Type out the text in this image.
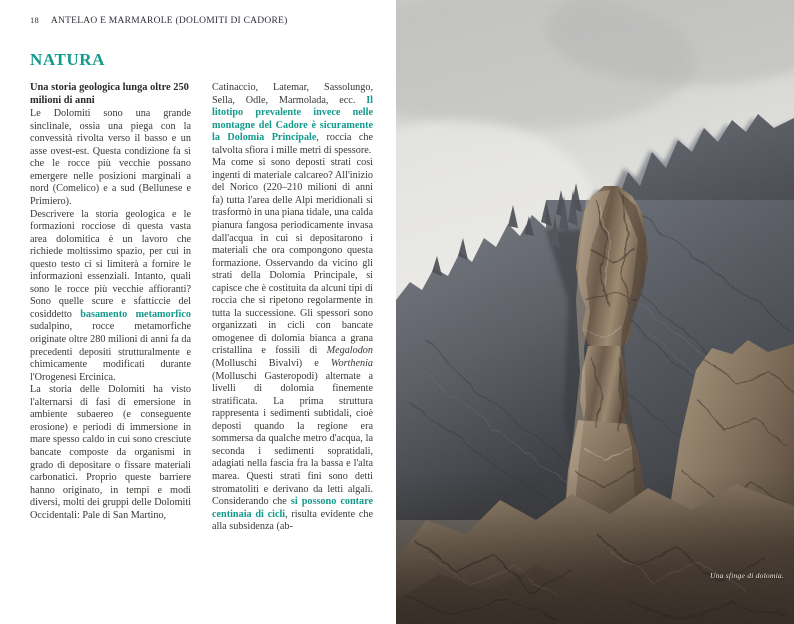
18 ANTELAO E MARMAROLE (DOLOMITI DI CADORE)
NATURA
Una storia geologica lunga oltre 250 milioni di anni
Le Dolomiti sono una grande sinclinale, ossia una piega con la convessità rivolta verso il basso e un asse ovest-est. Questa condizione fa sì che le rocce più vecchie possano emergere nelle posizioni marginali a nord (Comelico) e a sud (Bellunese e Primiero).
Descrivere la storia geologica e le formazioni rocciose di questa vasta area dolomitica è un lavoro che richiede moltissimo spazio, per cui in questo testo ci si limiterà a fornire le informazioni essenziali. Intanto, quali sono le rocce più vecchie affioranti? Sono quelle scure e sfatticcie del cosiddetto basamento metamorfico sudalpino, rocce metamorfiche originate oltre 280 milioni di anni fa da precedenti depositi strutturalmente e chimicamente modificati durante l'Orogenesi Ercinica.
La storia delle Dolomiti ha visto l'alternarsi di fasi di emersione in ambiente subaereo (e conseguente erosione) e periodi di immersione in mare spesso caldo in cui sono cresciute bancate composte da organismi in grado di depositare o fissare materiali carbonatici. Proprio queste barriere hanno originato, in tempi e modi diversi, molti dei gruppi delle Dolomiti Occidentali: Pale di San Martino,
Catinaccio, Latemar, Sassolungo, Sella, Odle, Marmolada, ecc. Il litotipo prevalente invece nelle montagne del Cadore è sicuramente la Dolomia Principale, roccia che talvolta sfiora i mille metri di spessore.
Ma come si sono deposti strati così ingenti di materiale calcareo? All'inizio del Norico (220–210 milioni di anni fa) tutta l'area delle Alpi meridionali si trasformò in una piana tidale, una calda pianura fangosa periodicamente invasa dall'acqua in cui si depositarono i materiali che ora compongono questa formazione. Osservando da vicino gli strati della Dolomia Principale, si capisce che è costituita da alcuni tipi di roccia che si ripetono regolarmente in tutta la successione. Gli spessori sono organizzati in cicli con bancate omogenee di dolomia bianca a grana cristallina e fossili di Megalodon (Molluschi Bivalvi) e Worthenia (Molluschi Gasteropodi) alternate a livelli di dolomia finemente stratificata. La prima struttura rappresenta i sedimenti subtidali, cioè deposti quando la regione era sommersa da qualche metro d'acqua, la seconda i sedimenti sopratidali, adagiati nella fascia fra la bassa e l'alta marea. Questi strati fini sono detti stromatoliti e derivano da letti algali. Considerando che si possono contare centinaia di cicli, risulta evidente che alla subsidenza (ab-
Una sfinge di dolomia.
